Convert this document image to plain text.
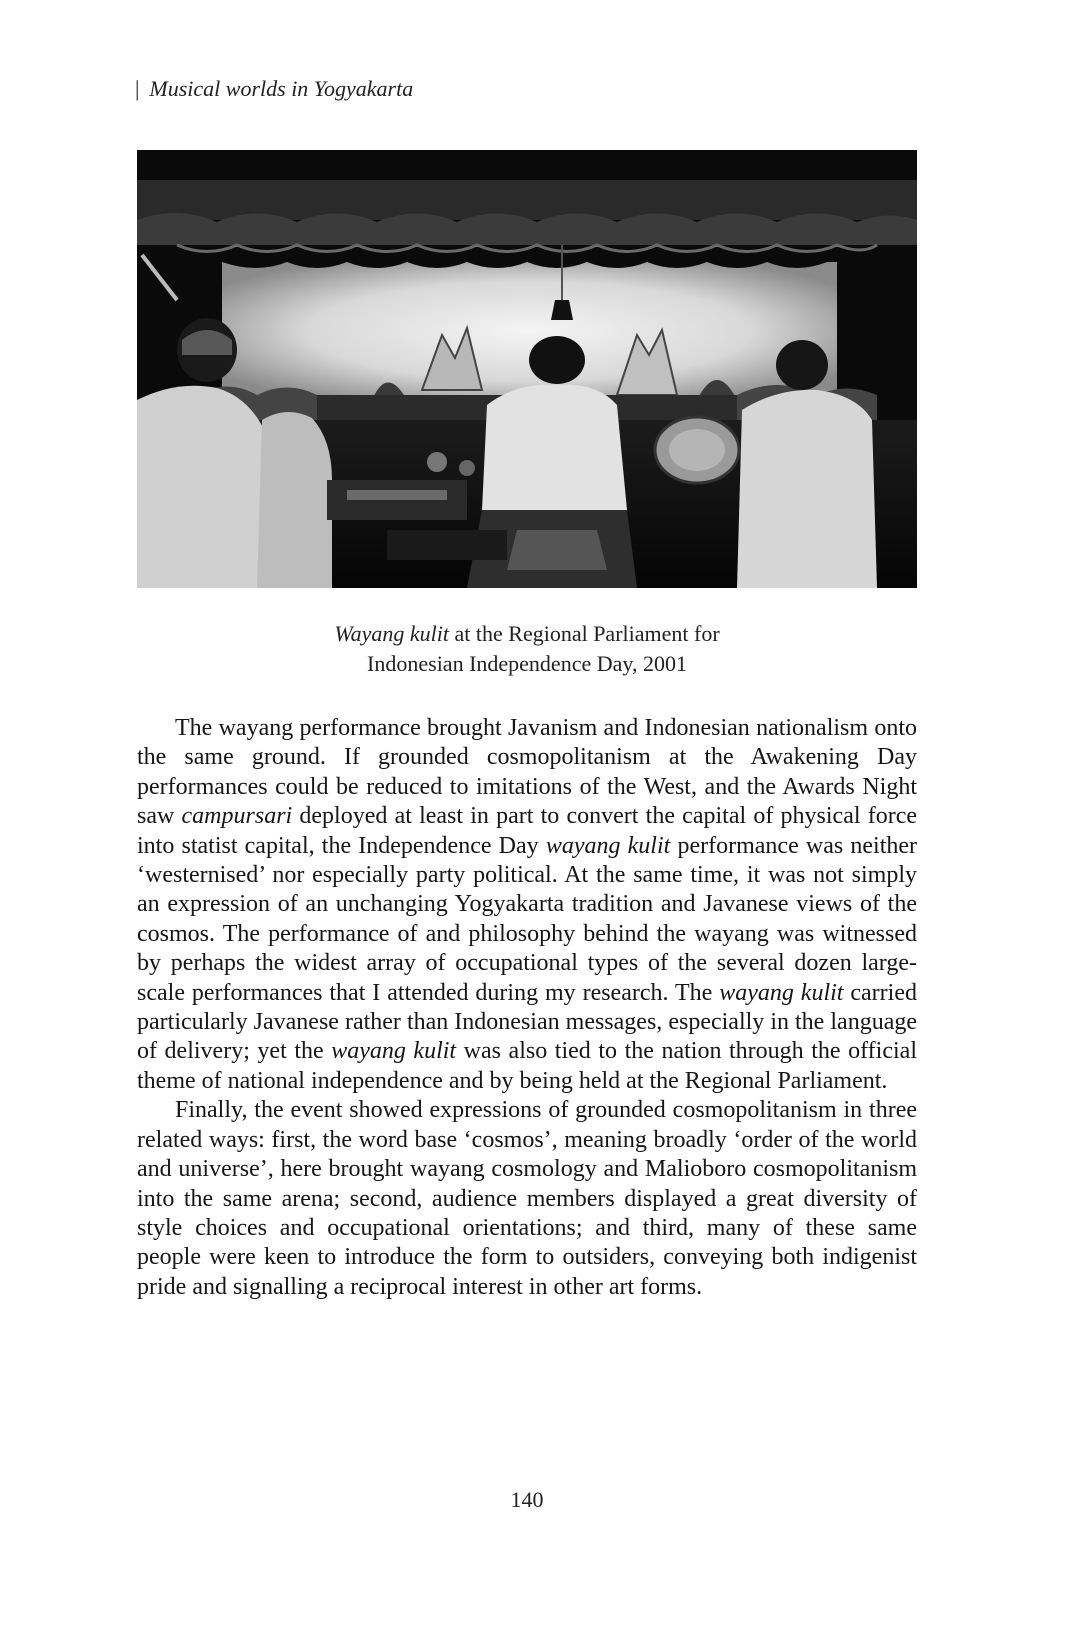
| Musical worlds in Yogyakarta
Wayang kulit at the Regional Parliament for
Indonesian Independence Day, 2001

The wayang performance brought Javanism and Indonesian nationalism onto the same ground. If grounded cosmopolitanism at the Awakening Day performances could be reduced to imitations of the West, and the Awards Night saw campursari deployed at least in part to convert the capital of physical force into statist capital, the Independence Day wayang kulit performance was neither ‘westernised’ nor especially party political. At the same time, it was not simply an expression of an unchanging Yogyakarta tradition and Javanese views of the cosmos. The performance of and philosophy behind the wayang was witnessed by perhaps the widest array of occupational types of the several dozen large-scale performances that I attended during my research. The wayang kulit carried particularly Javanese rather than Indonesian messages, especially in the language of delivery; yet the wayang kulit was also tied to the nation through the official theme of national independence and by being held at the Regional Parliament.

Finally, the event showed expressions of grounded cosmopolitanism in three related ways: first, the word base ‘cosmos’, meaning broadly ‘order of the world and universe’, here brought wayang cosmology and Malioboro cosmopolitanism into the same arena; second, audience members displayed a great diversity of style choices and occupational orientations; and third, many of these same people were keen to introduce the form to outsiders, conveying both indigenist pride and signalling a reciprocal interest in other art forms.

140
